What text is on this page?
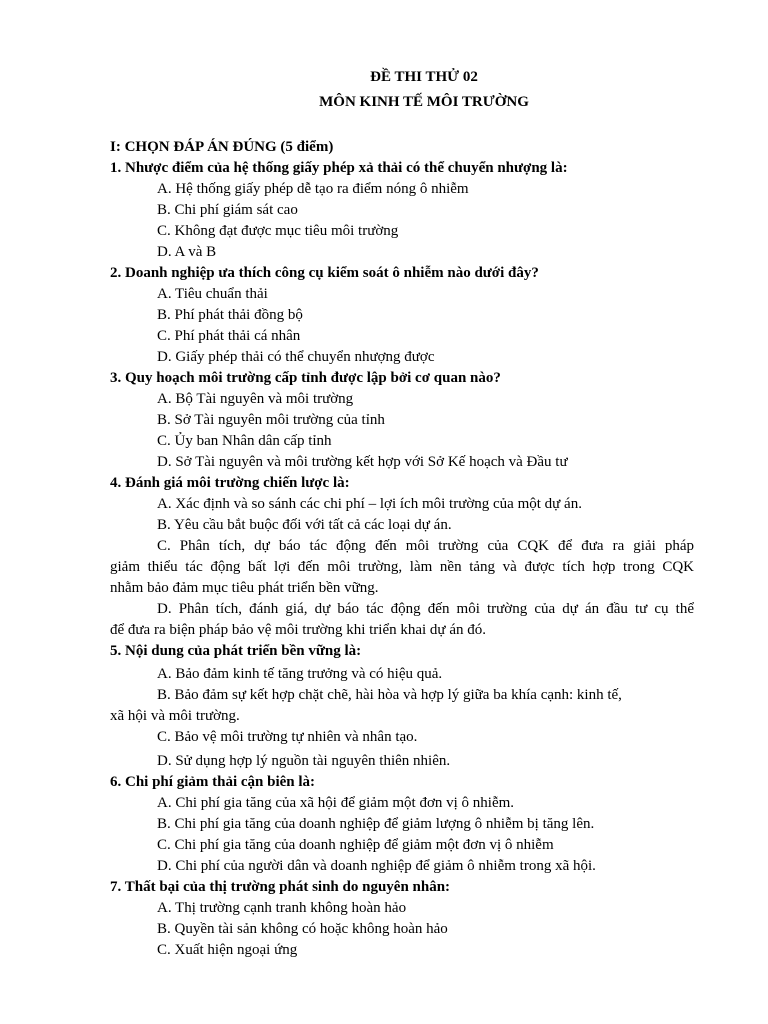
ĐỀ THI THỬ 02
MÔN KINH TẾ MÔI TRƯỜNG
I: CHỌN ĐÁP ÁN ĐÚNG (5 điểm)
1. Nhược điểm của hệ thống giấy phép xả thải có thể chuyển nhượng là:
A. Hệ thống giấy phép dễ tạo ra điểm nóng ô nhiễm
B. Chi phí giám sát cao
C. Không đạt được mục tiêu môi trường
D. A và B
2. Doanh nghiệp ưa thích công cụ kiểm soát ô nhiễm nào dưới đây?
A. Tiêu chuẩn thải
B. Phí phát thải đồng bộ
C. Phí phát thải cá nhân
D. Giấy phép thải có thể chuyển nhượng được
3. Quy hoạch môi trường cấp tỉnh được lập bởi cơ quan nào?
A. Bộ Tài nguyên và môi trường
B. Sở Tài nguyên môi trường của tỉnh
C. Ủy ban Nhân dân cấp tỉnh
D. Sở Tài nguyên và môi trường kết hợp với Sở Kế hoạch và Đầu tư
4. Đánh giá môi trường chiến lược là:
A. Xác định và so sánh các chi phí – lợi ích môi trường của một dự án.
B. Yêu cầu bắt buộc đối với tất cả các loại dự án.
C. Phân tích, dự báo tác động đến môi trường của CQK để đưa ra giải pháp
giảm thiểu tác động bất lợi đến môi trường, làm nền tảng và được tích hợp trong CQK
nhằm bảo đảm mục tiêu phát triển bền vững.
D. Phân tích, đánh giá, dự báo tác động đến môi trường của dự án đầu tư cụ thể
để đưa ra biện pháp bảo vệ môi trường khi triển khai dự án đó.
5. Nội dung của phát triển bền vững là:
A. Bảo đảm kinh tế tăng trưởng và có hiệu quả.
B. Bảo đảm sự kết hợp chặt chẽ, hài hòa và hợp lý giữa ba khía cạnh: kinh tế,
xã hội và môi trường.
C. Bảo vệ môi trường tự nhiên và nhân tạo.
D. Sử dụng hợp lý nguồn tài nguyên thiên nhiên.
6. Chi phí giảm thải cận biên là:
A. Chi phí gia tăng của xã hội để giảm một đơn vị ô nhiễm.
B. Chi phí gia tăng của doanh nghiệp để giảm lượng ô nhiễm bị tăng lên.
C. Chi phí gia tăng của doanh nghiệp để giảm một đơn vị ô nhiễm
D. Chi phí của người dân và doanh nghiệp để giảm ô nhiễm trong xã hội.
7. Thất bại của thị trường phát sinh do nguyên nhân:
A. Thị trường cạnh tranh không hoàn hảo
B. Quyền tài sản không có hoặc không hoàn hảo
C. Xuất hiện ngoại ứng
